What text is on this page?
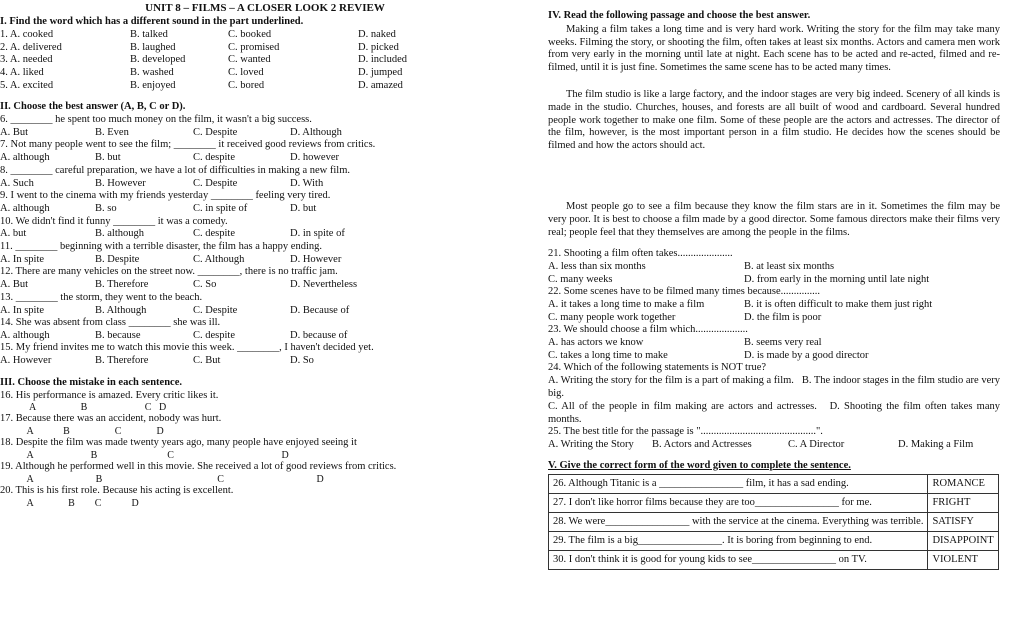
UNIT 8 – FILMS – A CLOSER LOOK 2 REVIEW
I. Find the word which has a different sound in the part underlined.
1. A. cooked	B. talked	C. booked	D. naked
2. A. delivered	B. laughed	C. promised	D. picked
3. A. needed	B. developed	C. wanted	D. included
4. A. liked	B. washed	C. loved	D. jumped
5. A. excited	B. enjoyed	C. bored	D. amazed
II. Choose the best answer (A, B, C or D).
6. ________ he spent too much money on the film, it wasn't a big success.
A. But	B. Even	C. Despite	D. Although
7. Not many people went to see the film; ________ it received good reviews from critics.
A. although	B. but	C. despite	D. however
8. ________ careful preparation, we have a lot of difficulties in making a new film.
A. Such	B. However	C. Despite	D. With
9. I went to the cinema with my friends yesterday ________ feeling very tired.
A. although	B. so	C. in spite of	D. but
10. We didn't find it funny ________ it was a comedy.
A. but	B. although	C. despite	D. in spite of
11. ________ beginning with a terrible disaster, the film has a happy ending.
A. In spite	B. Despite	C. Although	D. However
12. There are many vehicles on the street now. ________, there is no traffic jam.
A. But	B. Therefore	C. So	D. Nevertheless
13. ________ the storm, they went to the beach.
A. In spite	B. Although	C. Despite	D. Because of
14. She was absent from class ________ she was ill.
A. although	B. because	C. despite	D. because of
15. My friend invites me to watch this movie this week. ________, I haven't decided yet.
A. However	B. Therefore	C. But	D. So
III. Choose the mistake in each sentence.
16. His performance is amazed. Every critic likes it.
A                  B                       C   D
17. Because there was an accident, nobody was hurt.
A            B                  C              D
18. Despite the film was made twenty years ago, many people have enjoyed seeing it
A                       B                            C                                           D
19. Although he performed well in this movie. She received a lot of good reviews from critics.
A                         B                                              C                                     D
20. This is his first role. Because his acting is excellent.
A              B        C            D
IV. Read the following passage and choose the best answer.
Making a film takes a long time and is very hard work. Writing the story for the film may take many weeks. Filming the story, or shooting the film, often takes at least six months. Actors and camera men work from very early in the morning until late at night. Each scene has to be acted and re-acted, filmed and re-filmed, until it is just fine. Sometimes the same scene has to be acted many times.
The film studio is like a large factory, and the indoor stages are very big indeed. Scenery of all kinds is made in the studio. Churches, houses, and forests are all built of wood and cardboard. Several hundred people work together to make one film. Some of these people are the actors and actresses. The director of the film, however, is the most important person in a film studio. He decides how the scenes should be filmed and how the actors should act.
Most people go to see a film because they know the film stars are in it. Sometimes the film may be very poor. It is best to choose a film made by a good director. Some famous directors make their films very real; people feel that they themselves are among the people in the films.
21. Shooting a film often takes.....................
A. less than six months	B. at least six months
C. many weeks	D. from early in the morning until late night
22. Some scenes have to be filmed many times because...............
A. it takes a long time to make a film	B. it is often difficult to make them just right
C. many people work together	D. the film is poor
23. We should choose a film which....................
A. has actors we know	B. seems very real
C. takes a long time to make	D. is made by a good director
24. Which of the following statements is NOT true?
A. Writing the story for the film is a part of making a film. B. The indoor stages in the film studio are very big.
C. All of the people in film making are actors and actresses. D. Shooting the film often takes many months.
25. The best title for the passage is "............................................".
A. Writing the Story	B. Actors and Actresses	C. A Director	D. Making a Film
V. Give the correct form of the word given to complete the sentence.
26. Although Titanic is a ________________ film, it has a sad ending.	ROMANCE
27. I don't like horror films because they are too________________ for me.	FRIGHT
28. We were________________ with the service at the cinema. Everything was terrible.	SATISFY
29. The film is a big________________. It is boring from beginning to end.	DISAPPOINT
30. I don't think it is good for young kids to see________________ on TV.	VIOLENT
